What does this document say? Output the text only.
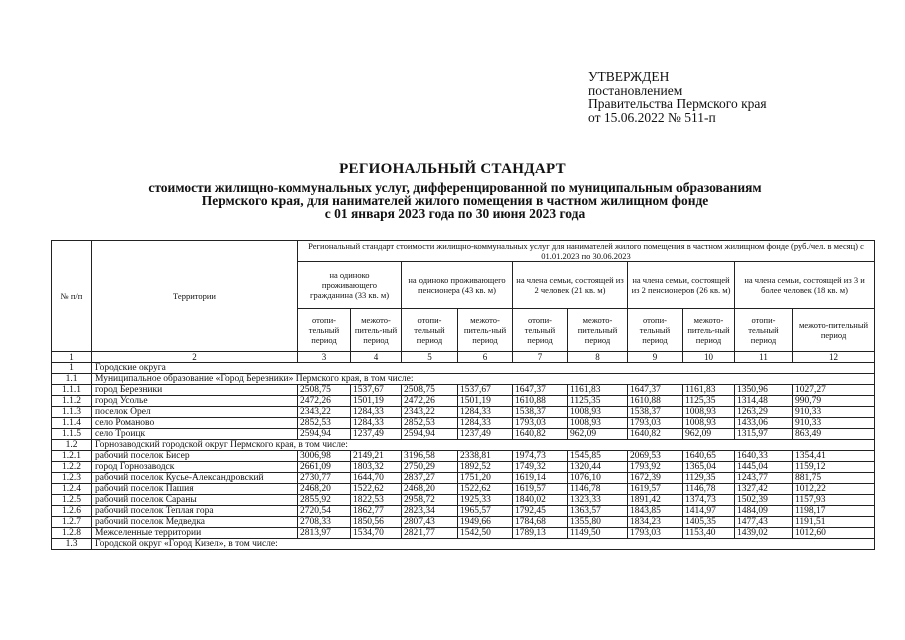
УТВЕРЖДЕН
постановлением
Правительства Пермского края
от 15.06.2022 № 511-п
РЕГИОНАЛЬНЫЙ СТАНДАРТ
стоимости жилищно-коммунальных услуг, дифференцированной по муниципальным образованиям
Пермского края, для нанимателей жилого помещения в частном жилищном фонде
с 01 января 2023 года по 30 июня 2023 года
№ п/п	Территории	Региональный стандарт стоимости жилищно-коммунальных услуг для нанимателей жилого помещения в частном жилищном фонде (руб./чел. в месяц) с 01.01.2023 по 30.06.2023									
		на одиноко проживающего гражданина (33 кв. м)		на одиноко проживающего пенсионера (43 кв. м)		на члена семьи, состоящей из 2 человек (21 кв. м)		на члена семьи, состоящей из 2 пенсионеров (26 кв. м)		на члена семьи, состоящей из 3 и более человек (18 кв. м)	
		отопи-тельный период	межото-питель-ный период	отопи-тельный период	межото-питель-ный период	отопи-тельный период	межото-пительный период	отопи-тельный период	межото-питель-ный период	отопи-тельный период	межото-пительный период
1	2	3	4	5	6	7	8	9	10	11	12
1	Городские округа										
1.1	Муниципальное образование «Город Березники» Пермского края, в том числе:										
1.1.1	город Березники	2508,75	1537,67	2508,75	1537,67	1647,37	1161,83	1647,37	1161,83	1350,96	1027,27
1.1.2	город Усолье	2472,26	1501,19	2472,26	1501,19	1610,88	1125,35	1610,88	1125,35	1314,48	990,79
1.1.3	поселок Орел	2343,22	1284,33	2343,22	1284,33	1538,37	1008,93	1538,37	1008,93	1263,29	910,33
1.1.4	село Романово	2852,53	1284,33	2852,53	1284,33	1793,03	1008,93	1793,03	1008,93	1433,06	910,33
1.1.5	село Троицк	2594,94	1237,49	2594,94	1237,49	1640,82	962,09	1640,82	962,09	1315,97	863,49
1.2	Горнозаводский городской округ Пермского края, в том числе:										
1.2.1	рабочий поселок Бисер	3006,98	2149,21	3196,58	2338,81	1974,73	1545,85	2069,53	1640,65	1640,33	1354,41
1.2.2	город Горнозаводск	2661,09	1803,32	2750,29	1892,52	1749,32	1320,44	1793,92	1365,04	1445,04	1159,12
1.2.3	рабочий поселок Кусье-Александровский	2730,77	1644,70	2837,27	1751,20	1619,14	1076,10	1672,39	1129,35	1243,77	881,75
1.2.4	рабочий поселок Пашия	2468,20	1522,62	2468,20	1522,62	1619,57	1146,78	1619,57	1146,78	1327,42	1012,22
1.2.5	рабочий поселок Сараны	2855,92	1822,53	2958,72	1925,33	1840,02	1323,33	1891,42	1374,73	1502,39	1157,93
1.2.6	рабочий поселок Теплая гора	2720,54	1862,77	2823,34	1965,57	1792,45	1363,57	1843,85	1414,97	1484,09	1198,17
1.2.7	рабочий поселок Медведка	2708,33	1850,56	2807,43	1949,66	1784,68	1355,80	1834,23	1405,35	1477,43	1191,51
1.2.8	Межселенные территории	2813,97	1534,70	2821,77	1542,50	1789,13	1149,50	1793,03	1153,40	1439,02	1012,60
1.3	Городской округ «Город Кизел», в том числе:										
